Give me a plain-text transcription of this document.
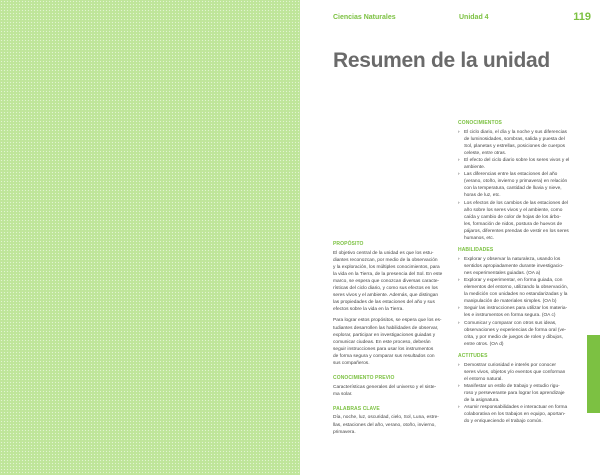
Ciencias Naturales	Unidad 4	119
Resumen de la unidad
PROPÓSITO

El objetivo central de la unidad es que los estu-
diantes reconozcan, por medio de la observación
y la exploración, los múltiples conocimientos, para
la vida en la Tierra, de la presencia del Sol. En este
marco, se espera que conozcan diversas caracte-
rísticas del ciclo diario, y como sus efectos en los
seres vivos y el ambiente. Además, que distingan
las propiedades de las estaciones del año y sus
efectos sobre la vida en la Tierra.

Para lograr estos propósitos, se espera que los es-
tudiantes desarrollen las habilidades de observar,
explorar, participar en investigaciones guiadas y
comunicar ciudeas. En este proceso, deberán
seguir instrucciones para usar los instrumentos
de forma segura y comparar sus resultados con
sus compañeros.

CONOCIMIENTO PREVIO

Características generales del universo y el siste-
ma solar.

PALABRAS CLAVE

Día, noche, luz, oscuridad, cielo, Sol, Luna, estre-
llas, estaciones del año, verano, otoño, invierno,
primavera.

CONOCIMIENTOS
› El ciclo diario, el día y la noche y sus diferencias
de luminosidades, sombras, salida y puesta del
Sol, planetas y estrellas, posiciones de cuerpos
celeste, entre otras.
› El efecto del ciclo diario sobre los seres vivos y el
ambiente.
› Las diferencias entre las estaciones del año
(verano, otoño, invierno y primavera) en relación
con la temperatura, cantidad de lluvia y nieve,
horas de luz, etc.
› Los efectos de los cambios de las estaciones del
año sobre los seres vivos y el ambiente, como
caída y cambio de color de hojas de los árbo-
les, formación de nidos, postura de huevos de
pájaros, diferentes prendas de vestir en los seres
humanos, etc.
HABILIDADES
› Explorar y observar la naturaleza, usando los
sentidos apropiadamente durante investigacio-
nes experimentales guiadas. (OA a)
› Explorar y experimentar, en forma guiada, con
elementos del entorno, utilizando la observación,
la medición con unidades no estandarizadas y la
manipulación de materiales simples. (OA b)
› Seguir las instrucciones para utilizar los materia-
les e instrumentos en forma segura. (OA c)
› Comunicar y comparar con otros sus ideas,
observaciones y experiencias de forma oral (ve-
crita, y por medio de juegos de roles y dibujos,
entre otros. (OA d)
ACTITUDES
› Demostrar curiosidad e interés por conocer
seres vivos, objetos y/o eventos que conforman
el entorno natural.
› Manifestar un estilo de trabajo y estudio rigu-
roso y perseverante para lograr los aprendizaje
de la asignatura.
› Asumir responsabilidades e interactuar en forma
colaborativa en los trabajos en equipo, aportan-
do y enriqueciendo el trabajo común.
